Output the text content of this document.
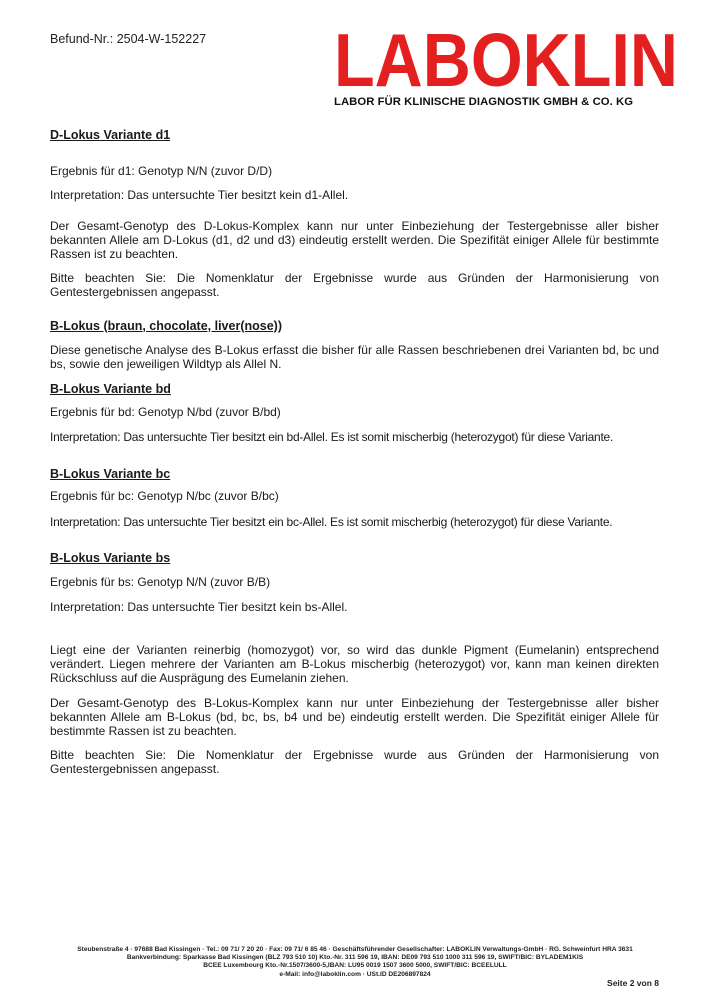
Befund-Nr.: 2504-W-152227 LABOKLIN
LABOR FÜR KLINISCHE DIAGNOSTIK GMBH & CO. KG

D-Lokus Variante d1

Ergebnis für d1: Genotyp N/N (zuvor D/D)

Interpretation: Das untersuchte Tier besitzt kein d1-Allel.

Der Gesamt-Genotyp des D-Lokus-Komplex kann nur unter Einbeziehung der Testergebnisse aller bisher bekannten Allele am D-Lokus (d1, d2 und d3) eindeutig erstellt werden. Die Spezifität einiger Allele für bestimmte Rassen ist zu beachten.

Bitte beachten Sie: Die Nomenklatur der Ergebnisse wurde aus Gründen der Harmonisierung von Gentestergebnissen angepasst.

B-Lokus (braun, chocolate, liver(nose))

Diese genetische Analyse des B-Lokus erfasst die bisher für alle Rassen beschriebenen drei Varianten bd, bc und bs, sowie den jeweiligen Wildtyp als Allel N.

B-Lokus Variante bd

Ergebnis für bd: Genotyp N/bd (zuvor B/bd)

Interpretation: Das untersuchte Tier besitzt ein bd-Allel. Es ist somit mischerbig (heterozygot) für diese Variante.

B-Lokus Variante bc

Ergebnis für bc: Genotyp N/bc (zuvor B/bc)

Interpretation: Das untersuchte Tier besitzt ein bc-Allel. Es ist somit mischerbig (heterozygot) für diese Variante.

B-Lokus Variante bs

Ergebnis für bs: Genotyp N/N (zuvor B/B)

Interpretation: Das untersuchte Tier besitzt kein bs-Allel.

Liegt eine der Varianten reinerbig (homozygot) vor, so wird das dunkle Pigment (Eumelanin) entsprechend verändert. Liegen mehrere der Varianten am B-Lokus mischerbig (heterozygot) vor, kann man keinen direkten Rückschluss auf die Ausprägung des Eumelanin ziehen.

Der Gesamt-Genotyp des B-Lokus-Komplex kann nur unter Einbeziehung der Testergebnisse aller bisher bekannten Allele am B-Lokus (bd, bc, bs, b4 und be) eindeutig erstellt werden. Die Spezifität einiger Allele für bestimmte Rassen ist zu beachten.

Bitte beachten Sie: Die Nomenklatur der Ergebnisse wurde aus Gründen der Harmonisierung von Gentestergebnissen angepasst.

Steubenstraße 4 · 97688 Bad Kissingen · Tel.: 09 71/ 7 20 20 · Fax: 09 71/ 6 85 46 · Geschäftsführender Gesellschafter: LABOKLIN Verwaltungs-GmbH · RG. Schweinfurt HRA 3631
Bankverbindung: Sparkasse Bad Kissingen (BLZ 793 510 10) Kto.-Nr. 311 596 19, IBAN: DE09 793 510 1000 311 596 19, SWIFT/BIC: BYLADEM1KIS
BCEE Luxembourg Kto.-Nr.1507/3600-5,IBAN: LU95 0019 1507 3600 5000, SWIFT/BIC: BCEELULL
e-Mail: info@laboklin.com · USt.ID DE206897824
Seite 2 von 8
